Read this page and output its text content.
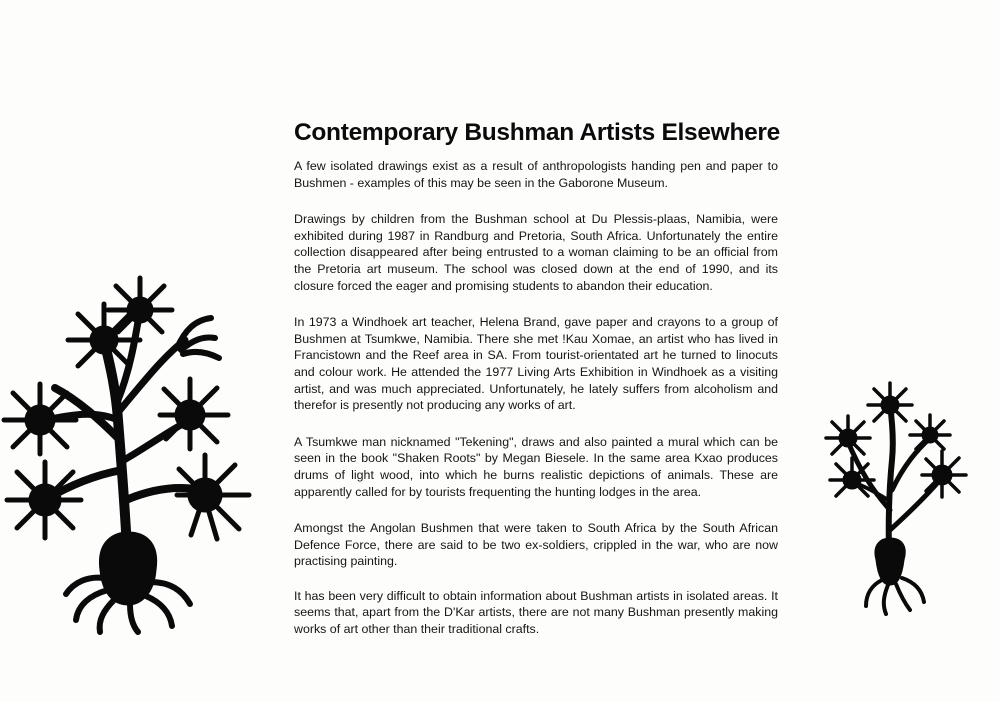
Contemporary Bushman Artists Elsewhere

A few isolated drawings exist as a result of anthropologists handing pen and paper to Bushmen - examples of this may be seen in the Gaborone Museum.

Drawings by children from the Bushman school at Du Plessis-plaas, Namibia, were exhibited during 1987 in Randburg and Pretoria, South Africa. Unfortunately the entire collection disappeared after being entrusted to a woman claiming to be an official from the Pretoria art museum. The school was closed down at the end of 1990, and its closure forced the eager and promising students to abandon their education.

In 1973 a Windhoek art teacher, Helena Brand, gave paper and crayons to a group of Bushmen at Tsumkwe, Namibia. There she met !Kau Xomae, an artist who has lived in Francistown and the Reef area in SA. From tourist-orientated art he turned to linocuts and colour work. He attended the 1977 Living Arts Exhibition in Windhoek as a visiting artist, and was much appreciated. Unfortunately, he lately suffers from alcoholism and therefor is presently not producing any works of art.

A Tsumkwe man nicknamed "Tekening", draws and also painted a mural which can be seen in the book "Shaken Roots" by Megan Biesele. In the same area Kxao produces drums of light wood, into which he burns realistic depictions of animals. These are apparently called for by tourists frequenting the hunting lodges in the area.

Amongst the Angolan Bushmen that were taken to South Africa by the South African Defence Force, there are said to be two ex-soldiers, crippled in the war, who are now practising painting.

It has been very difficult to obtain information about Bushman artists in isolated areas. It seems that, apart from the D'Kar artists, there are not many Bushman presently making works of art other than their traditional crafts.
